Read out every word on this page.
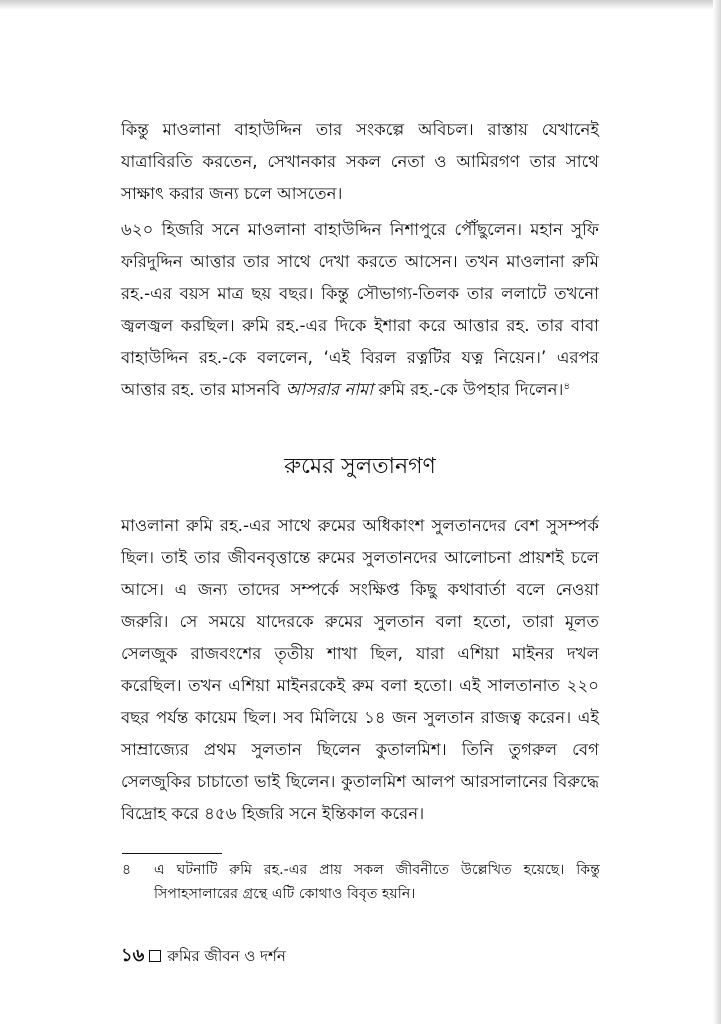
কিন্তু মাওলানা বাহাউদ্দিন তার সংকল্পে অবিচল। রাস্তায় যেখানেই যাত্রাবিরতি করতেন, সেখানকার সকল নেতা ও আমিরগণ তার সাথে সাক্ষাৎ করার জন্য চলে আসতেন।

৬২০ হিজরি সনে মাওলানা বাহাউদ্দিন নিশাপুরে পৌঁছুলেন। মহান সুফি ফরিদুদ্দিন আত্তার তার সাথে দেখা করতে আসেন। তখন মাওলানা রুমি রহ.-এর বয়স মাত্র ছয় বছর। কিন্তু সৌভাগ্য-তিলক তার ললাটে তখনো জ্বলজ্বল করছিল। রুমি রহ.-এর দিকে ইশারা করে আত্তার রহ. তার বাবা বাহাউদ্দিন রহ.-কে বললেন, ‘এই বিরল রত্নটির যত্ন নিয়েন।’ এরপর আত্তার রহ. তার মাসনবি আসরার নামা রুমি রহ.-কে উপহার দিলেন।$^৪$

রুমের সুলতানগণ

মাওলানা রুমি রহ.-এর সাথে রুমের অধিকাংশ সুলতানদের বেশ সুসম্পর্ক ছিল। তাই তার জীবনবৃত্তান্তে রুমের সুলতানদের আলোচনা প্রায়শই চলে আসে। এ জন্য তাদের সম্পর্কে সংক্ষিপ্ত কিছু কথাবার্তা বলে নেওয়া জরুরি। সে সময়ে যাদেরকে রুমের সুলতান বলা হতো, তারা মূলত সেলজুক রাজবংশের তৃতীয় শাখা ছিল, যারা এশিয়া মাইনর দখল করেছিল। তখন এশিয়া মাইনরকেই রুম বলা হতো। এই সালতানাত ২২০ বছর পর্যন্ত কায়েম ছিল। সব মিলিয়ে ১৪ জন সুলতান রাজত্ব করেন। এই সাম্রাজ্যের প্রথম সুলতান ছিলেন কুতালমিশ। তিনি তুগরুল বেগ সেলজুকির চাচাতো ভাই ছিলেন। কুতালমিশ আলপ আরসালানের বিরুদ্ধে বিদ্রোহ করে ৪৫৬ হিজরি সনে ইন্তিকাল করেন।

৪	এ ঘটনাটি রুমি রহ.-এর প্রায় সকল জীবনীতে উল্লেখিত হয়েছে। কিন্তু সিপাহসালারের গ্রন্থে এটি কোথাও বিবৃত হয়নি।

১৬ রুমির জীবন ও দর্শন
